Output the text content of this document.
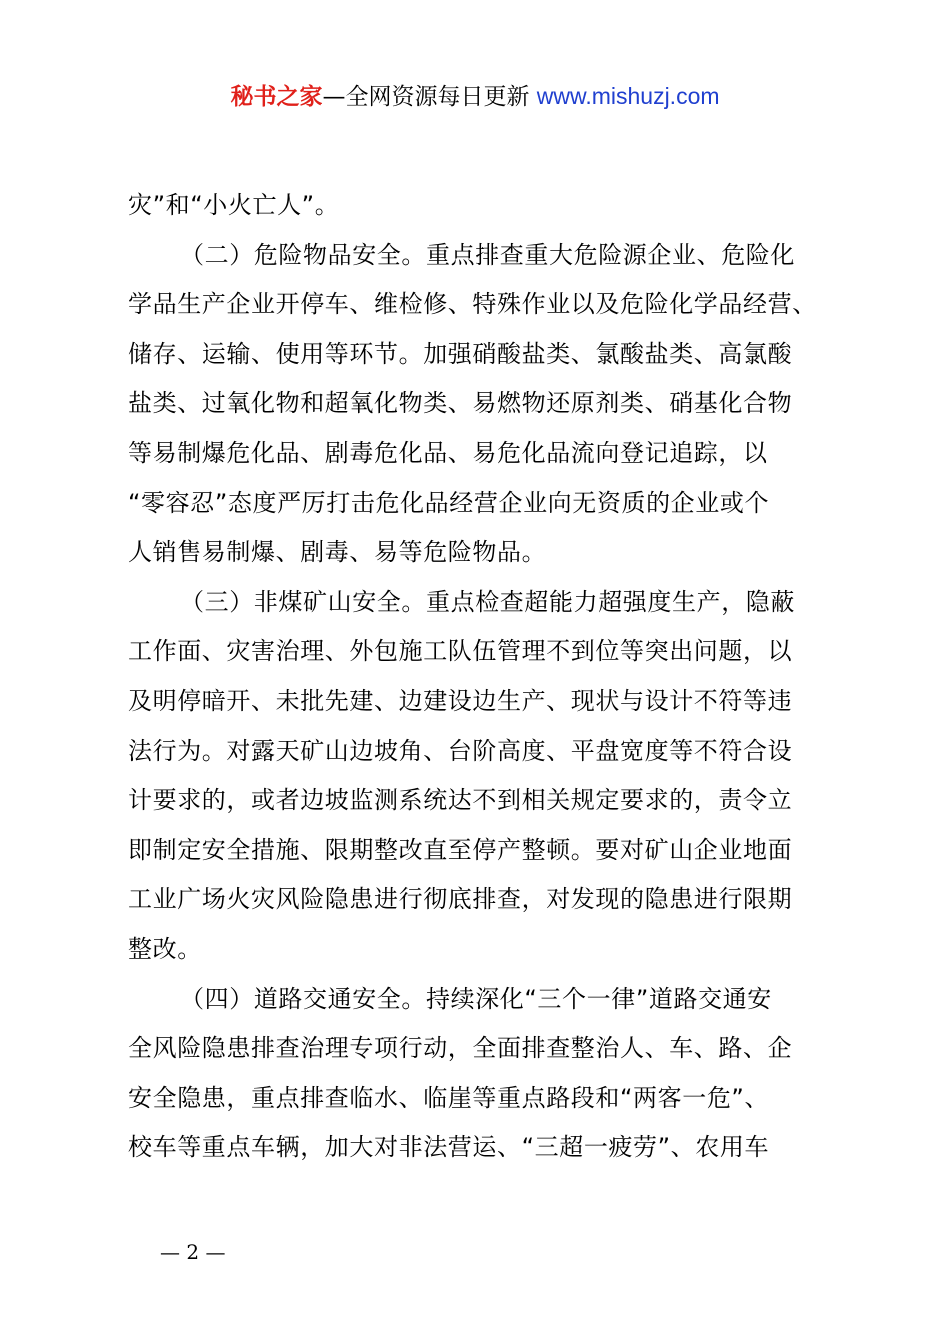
秘书之家—全网资源每日更新 www.mishuzj.com
灾”和“小火亡人”。
（二）危险物品安全。重点排查重大危险源企业、危险化
学品生产企业开停车、维检修、特殊作业以及危险化学品经营、
储存、运输、使用等环节。加强硝酸盐类、氯酸盐类、高氯酸
盐类、过氧化物和超氧化物类、易燃物还原剂类、硝基化合物
等易制爆危化品、剧毒危化品、易危化品流向登记追踪，以
“零容忍”态度严厉打击危化品经营企业向无资质的企业或个
人销售易制爆、剧毒、易等危险物品。
（三）非煤矿山安全。重点检查超能力超强度生产，隐蔽
工作面、灾害治理、外包施工队伍管理不到位等突出问题，以
及明停暗开、未批先建、边建设边生产、现状与设计不符等违
法行为。对露天矿山边坡角、台阶高度、平盘宽度等不符合设
计要求的，或者边坡监测系统达不到相关规定要求的，责令立
即制定安全措施、限期整改直至停产整顿。要对矿山企业地面
工业广场火灾风险隐患进行彻底排查，对发现的隐患进行限期
整改。
（四）道路交通安全。持续深化“三个一律”道路交通安
全风险隐患排查治理专项行动，全面排查整治人、车、路、企
安全隐患，重点排查临水、临崖等重点路段和“两客一危”、
校车等重点车辆，加大对非法营运、“三超一疲劳”、农用车
— 2 —
